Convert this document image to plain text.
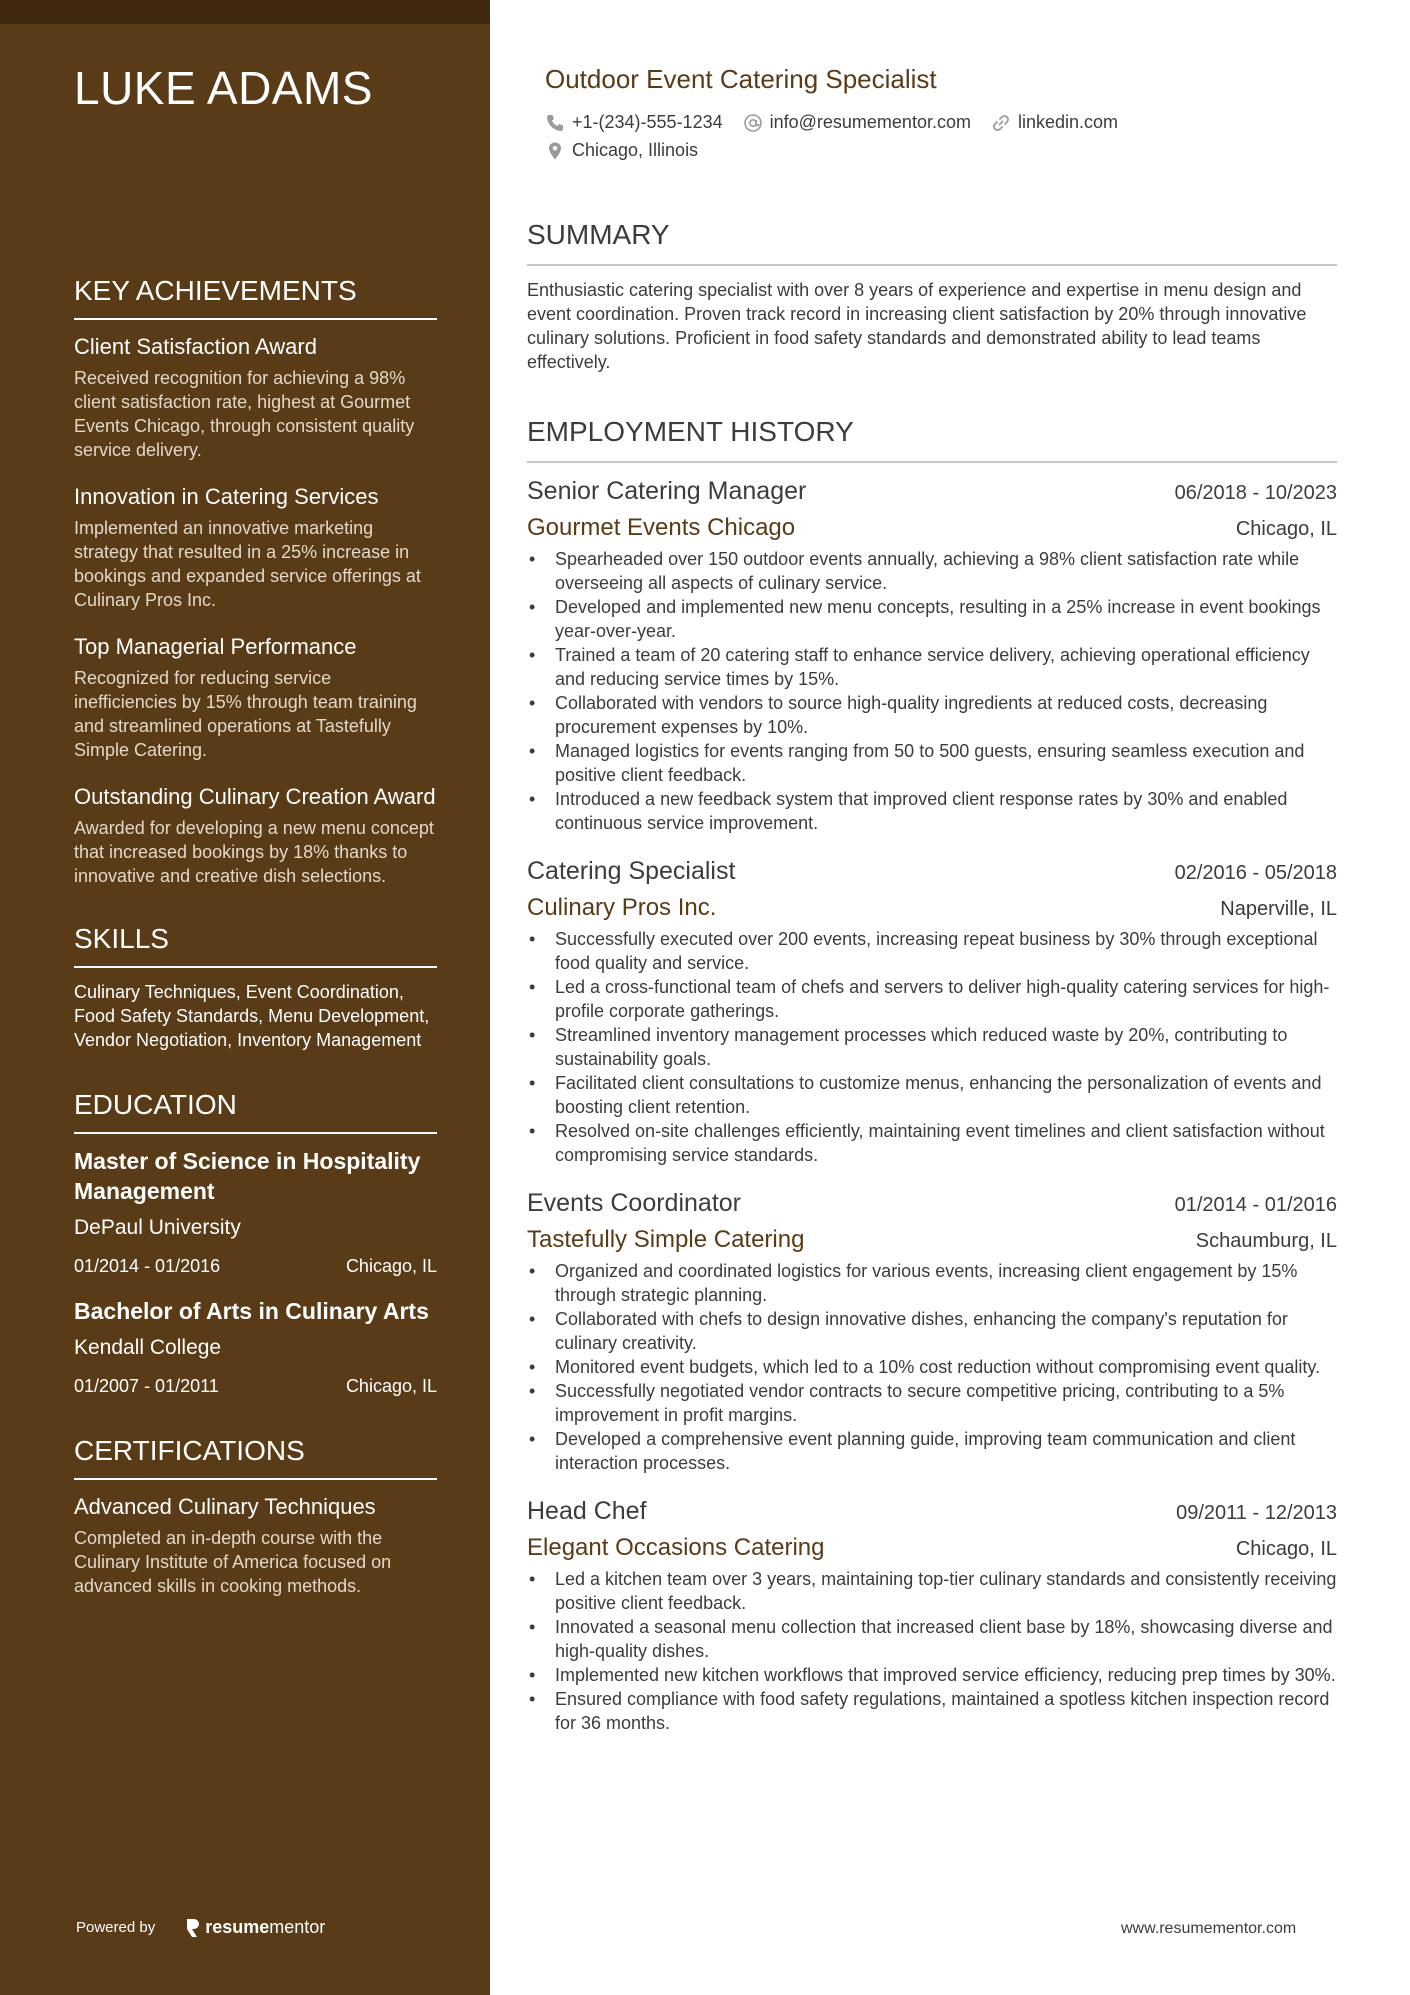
LUKE ADAMS
KEY ACHIEVEMENTS
Client Satisfaction Award
Received recognition for achieving a 98% client satisfaction rate, highest at Gourmet Events Chicago, through consistent quality service delivery.
Innovation in Catering Services
Implemented an innovative marketing strategy that resulted in a 25% increase in bookings and expanded service offerings at Culinary Pros Inc.
Top Managerial Performance
Recognized for reducing service inefficiencies by 15% through team training and streamlined operations at Tastefully Simple Catering.
Outstanding Culinary Creation Award
Awarded for developing a new menu concept that increased bookings by 18% thanks to innovative and creative dish selections.
SKILLS
Culinary Techniques, Event Coordination, Food Safety Standards, Menu Development, Vendor Negotiation, Inventory Management
EDUCATION
Master of Science in Hospitality Management
DePaul University
01/2014 - 01/2016	Chicago, IL
Bachelor of Arts in Culinary Arts
Kendall College
01/2007 - 01/2011	Chicago, IL
CERTIFICATIONS
Advanced Culinary Techniques
Completed an in-depth course with the Culinary Institute of America focused on advanced skills in cooking methods.
Powered by	resume mentor
Outdoor Event Catering Specialist
+1-(234)-555-1234	info@resumementor.com	linkedin.com
Chicago, Illinois
SUMMARY
Enthusiastic catering specialist with over 8 years of experience and expertise in menu design and event coordination. Proven track record in increasing client satisfaction by 20% through innovative culinary solutions. Proficient in food safety standards and demonstrated ability to lead teams effectively.
EMPLOYMENT HISTORY
Senior Catering Manager	06/2018 - 10/2023
Gourmet Events Chicago	Chicago, IL
• Spearheaded over 150 outdoor events annually, achieving a 98% client satisfaction rate while overseeing all aspects of culinary service.
• Developed and implemented new menu concepts, resulting in a 25% increase in event bookings year-over-year.
• Trained a team of 20 catering staff to enhance service delivery, achieving operational efficiency and reducing service times by 15%.
• Collaborated with vendors to source high-quality ingredients at reduced costs, decreasing procurement expenses by 10%.
• Managed logistics for events ranging from 50 to 500 guests, ensuring seamless execution and positive client feedback.
• Introduced a new feedback system that improved client response rates by 30% and enabled continuous service improvement.
Catering Specialist	02/2016 - 05/2018
Culinary Pros Inc.	Naperville, IL
• Successfully executed over 200 events, increasing repeat business by 30% through exceptional food quality and service.
• Led a cross-functional team of chefs and servers to deliver high-quality catering services for high-profile corporate gatherings.
• Streamlined inventory management processes which reduced waste by 20%, contributing to sustainability goals.
• Facilitated client consultations to customize menus, enhancing the personalization of events and boosting client retention.
• Resolved on-site challenges efficiently, maintaining event timelines and client satisfaction without compromising service standards.
Events Coordinator	01/2014 - 01/2016
Tastefully Simple Catering	Schaumburg, IL
• Organized and coordinated logistics for various events, increasing client engagement by 15% through strategic planning.
• Collaborated with chefs to design innovative dishes, enhancing the company's reputation for culinary creativity.
• Monitored event budgets, which led to a 10% cost reduction without compromising event quality.
• Successfully negotiated vendor contracts to secure competitive pricing, contributing to a 5% improvement in profit margins.
• Developed a comprehensive event planning guide, improving team communication and client interaction processes.
Head Chef	09/2011 - 12/2013
Elegant Occasions Catering	Chicago, IL
• Led a kitchen team over 3 years, maintaining top-tier culinary standards and consistently receiving positive client feedback.
• Innovated a seasonal menu collection that increased client base by 18%, showcasing diverse and high-quality dishes.
• Implemented new kitchen workflows that improved service efficiency, reducing prep times by 30%.
• Ensured compliance with food safety regulations, maintained a spotless kitchen inspection record for 36 months.
www.resumementor.com
